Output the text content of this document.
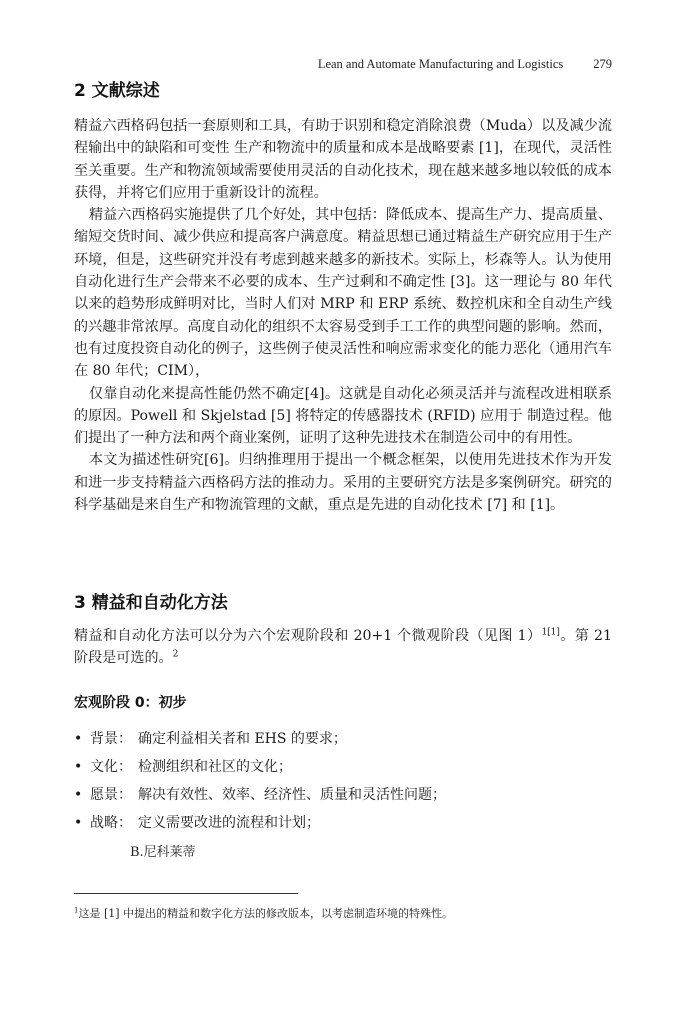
Lean and Automate Manufacturing and Logistics 279
2 文献综述

精益六西格码包括一套原则和工具，有助于识别和稳定消除浪费（Muda）以及减少流程输出中的缺陷和可变性 生产和物流中的质量和成本是战略要素 [1]，在现代，灵活性至关重要。生产和物流领域需要使用灵活的自动化技术，现在越来越多地以较低的成本获得，并将它们应用于重新设计的流程。

精益六西格码实施提供了几个好处，其中包括：降低成本、提高生产力、提高质量、缩短交货时间、减少供应和提高客户满意度。精益思想已通过精益生产研究应用于生产环境，但是，这些研究并没有考虑到越来越多的新技术。实际上，杉森等人。认为使用自动化进行生产会带来不必要的成本、生产过剩和不确定性 [3]。这一理论与 80 年代以来的趋势形成鲜明对比，当时人们对 MRP 和 ERP 系统、数控机床和全自动生产线的兴趣非常浓厚。高度自动化的组织不太容易受到手工工作的典型问题的影响。然而，也有过度投资自动化的例子，这些例子使灵活性和响应需求变化的能力恶化（通用汽车在 80 年代；CIM），

仅靠自动化来提高性能仍然不确定[4]。这就是自动化必须灵活并与流程改进相联系的原因。Powell 和 Skjelstad [5] 将特定的传感器技术 (RFID) 应用于 制造过程。他们提出了一种方法和两个商业案例，证明了这种先进技术在制造公司中的有用性。

本文为描述性研究[6]。归纳推理用于提出一个概念框架，以使用先进技术作为开发和进一步支持精益六西格码方法的推动力。采用的主要研究方法是多案例研究。研究的科学基础是来自生产和物流管理的文献，重点是先进的自动化技术 [7] 和 [1]。

3 精益和自动化方法

精益和自动化方法可以分为六个宏观阶段和 20+1 个微观阶段（见图 1）$^{1[1]}$。第 21 阶段是可选的。$^2$

宏观阶段 0：初步
• 背景： 确定利益相关者和 EHS 的要求；
• 文化： 检测组织和社区的文化；
• 愿景： 解决有效性、效率、经济性、质量和灵活性问题；
• 战略： 定义需要改进的流程和计划；
B.尼科莱蒂
$^1$这是 [1] 中提出的精益和数字化方法的修改版本，以考虑制造环境的特殊性。
